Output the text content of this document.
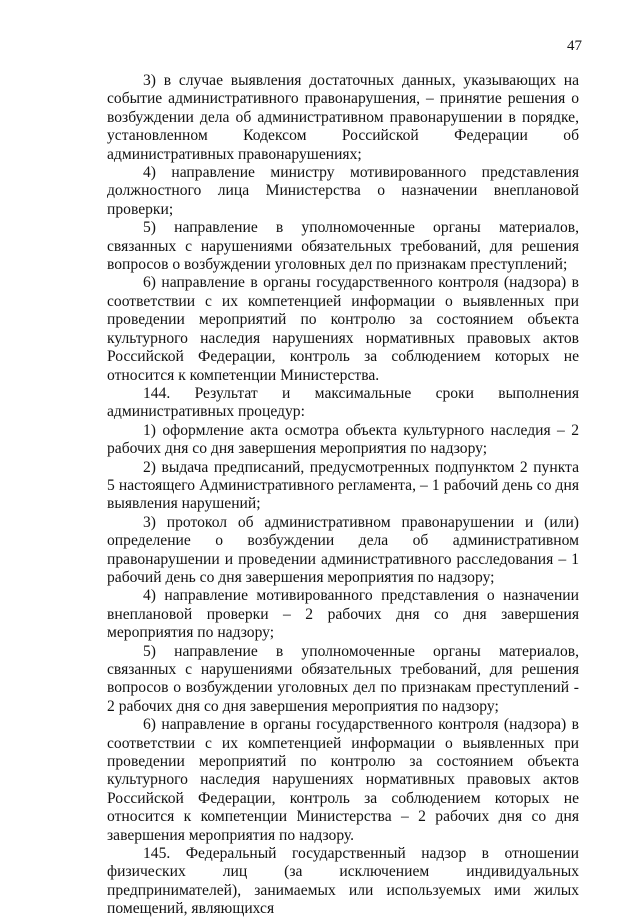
47

3) в случае выявления достаточных данных, указывающих на событие административного правонарушения, – принятие решения о возбуждении дела об административном правонарушении в порядке, установленном Кодексом Российской Федерации об административных правонарушениях;

4) направление министру мотивированного представления должностного лица Министерства о назначении внеплановой проверки;

5) направление в уполномоченные органы материалов, связанных с нарушениями обязательных требований, для решения вопросов о возбуждении уголовных дел по признакам преступлений;

6) направление в органы государственного контроля (надзора) в соответствии с их компетенцией информации о выявленных при проведении мероприятий по контролю за состоянием объекта культурного наследия нарушениях нормативных правовых актов Российской Федерации, контроль за соблюдением которых не относится к компетенции Министерства.

144. Результат и максимальные сроки выполнения административных процедур:

1) оформление акта осмотра объекта культурного наследия – 2 рабочих дня со дня завершения мероприятия по надзору;

2) выдача предписаний, предусмотренных подпунктом 2 пункта 5 настоящего Административного регламента, – 1 рабочий день со дня выявления нарушений;

3) протокол об административном правонарушении и (или) определение о возбуждении дела об административном правонарушении и проведении административного расследования – 1 рабочий день со дня завершения мероприятия по надзору;

4) направление мотивированного представления о назначении внеплановой проверки – 2 рабочих дня со дня завершения мероприятия по надзору;

5) направление в уполномоченные органы материалов, связанных с нарушениями обязательных требований, для решения вопросов о возбуждении уголовных дел по признакам преступлений - 2 рабочих дня со дня завершения мероприятия по надзору;

6) направление в органы государственного контроля (надзора) в соответствии с их компетенцией информации о выявленных при проведении мероприятий по контролю за состоянием объекта культурного наследия нарушениях нормативных правовых актов Российской Федерации, контроль за соблюдением которых не относится к компетенции Министерства – 2 рабочих дня со дня завершения мероприятия по надзору.

145. Федеральный государственный надзор в отношении физических лиц (за исключением индивидуальных предпринимателей), занимаемых или используемых ими жилых помещений, являющихся
